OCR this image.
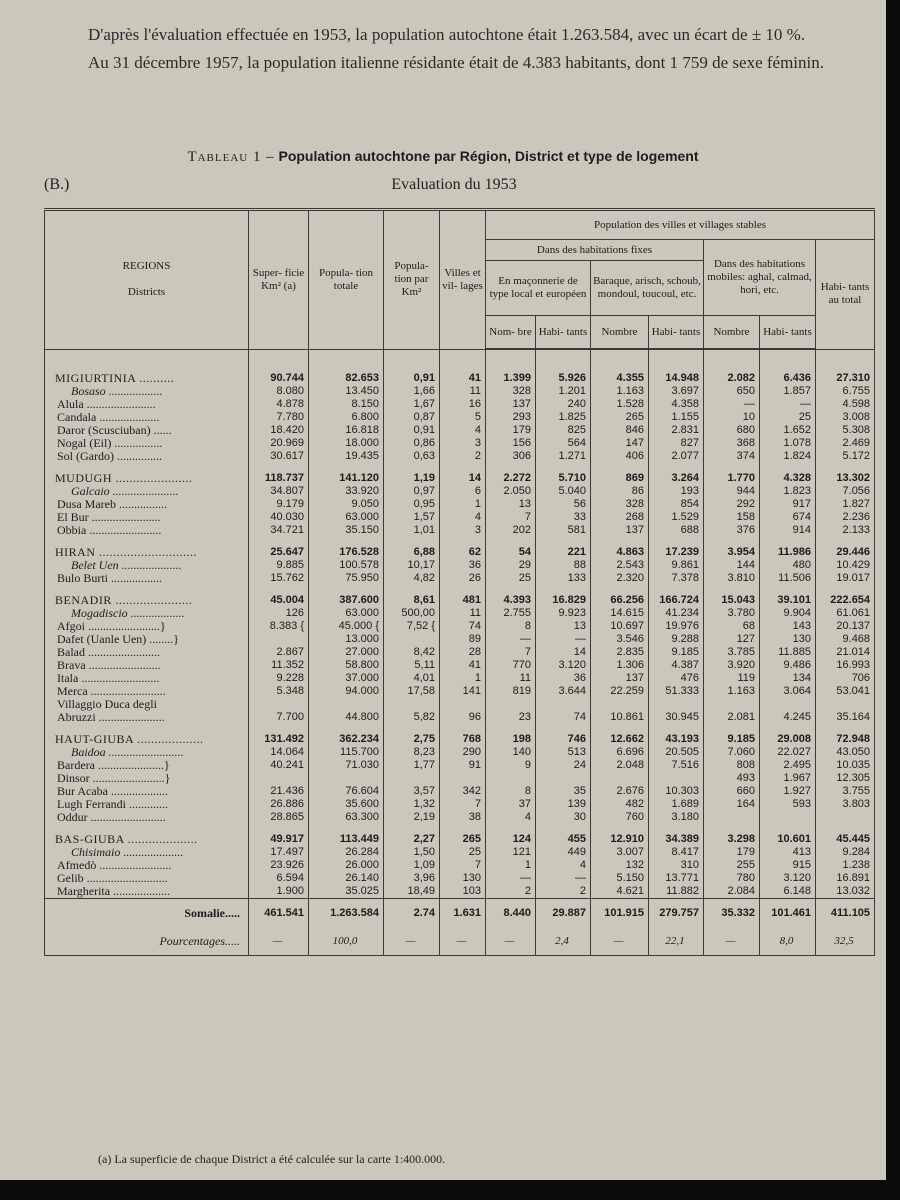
D'après l'évaluation effectuée en 1953, la population autochtone était 1.263.584, avec un écart de ± 10 %.

Au 31 décembre 1957, la population italienne résidante était de 4.383 habitants, dont 1 759 de sexe féminin.

Tableau 1 – Population autochtone par Région, District et type de logement
Evaluation du 1953
(B.)
REGIONS

Districts	Super- ficie Km² (a)	Popula- tion totale	Popula- tion par Km²	Villes et vil- lages	Population des villes et villages stables						
					Dans des habitations fixes				Dans des habitations mobiles: aghal, calmad, hori, etc.		Habi- tants au total
					En maçonnerie de type local et européen		Baraque, arisch, schoub, mondoul, toucoul, etc.				
					Nom- bre	Habi- tants	Nombre	Habi- tants	Nombre	Habi- tants	

MIGIURTINIA ..........	90.744	82.653	0,91	41	1.399	5.926	4.355	14.948	2.082	6.436	27.310
Bosaso ..................	8.080	13.450	1,66	11	328	1.201	1.163	3.697	650	1.857	6.755
Alula .......................	4.878	8.150	1,67	16	137	240	1.528	4.358	—	—	4.598
Candala ....................	7.780	6.800	0,87	5	293	1.825	265	1.155	10	25	3.008
Daror (Scusciuban) ......	18.420	16.818	0,91	4	179	825	846	2.831	680	1.652	5.308
Nogal (Eil) ................	20.969	18.000	0,86	3	156	564	147	827	368	1.078	2.469
Sol (Gardo) ...............	30.617	19.435	0,63	2	306	1.271	406	2.077	374	1.824	5.172

MUDUGH ......................	118.737	141.120	1,19	14	2.272	5.710	869	3.264	1.770	4.328	13.302
Galcaio ......................	34.807	33.920	0,97	6	2.050	5.040	86	193	944	1.823	7.056
Dusa Mareb ................	9.179	9.050	0,95	1	13	56	328	854	292	917	1.827
El Bur .......................	40.030	63.000	1,57	4	7	33	268	1.529	158	674	2.236
Obbia ........................	34.721	35.150	1,01	3	202	581	137	688	376	914	2.133

HIRAN ............................	25.647	176.528	6,88	62	54	221	4.863	17.239	3.954	11.986	29.446
Belet Uen ....................	9.885	100.578	10,17	36	29	88	2.543	9.861	144	480	10.429
Bulo Burti .................	15.762	75.950	4,82	26	25	133	2.320	7.378	3.810	11.506	19.017

BENADIR ......................	45.004	387.600	8,61	481	4.393	16.829	66.256	166.724	15.043	39.101	222.654
Mogadiscio ..................	126	63.000	500,00	11	2.755	9.923	14.615	41.234	3.780	9.904	61.061
Afgoi ........................}	8.383 {	45.000 {	7,52 {	74	8	13	10.697	19.976	68	143	20.137
Dafet (Uanle Uen) ........}		13.000		89	—	—	3.546	9.288	127	130	9.468
Balad ........................	2.867	27.000	8,42	28	7	14	2.835	9.185	3.785	11.885	21.014
Brava ........................	11.352	58.800	5,11	41	770	3.120	1.306	4.387	3.920	9.486	16.993
Itala ..........................	9.228	37.000	4,01	1	11	36	137	476	119	134	706
Merca .........................	5.348	94.000	17,58	141	819	3.644	22.259	51.333	1.163	3.064	53.041
Villaggio Duca degli											
Abruzzi ......................	7.700	44.800	5,82	96	23	74	10.861	30.945	2.081	4.245	35.164

HAUT-GIUBA ...................	131.492	362.234	2,75	768	198	746	12.662	43.193	9.185	29.008	72.948
Baidoa .........................	14.064	115.700	8,23	290	140	513	6.696	20.505	7.060	22.027	43.050
Bardera ......................}	40.241	71.030	1,77	91	9	24	2.048	7.516	808	2.495	10.035
Dinsor ........................}									493	1.967	12.305
Bur Acaba ...................	21.436	76.604	3,57	342	8	35	2.676	10.303	660	1.927	3.755
Lugh Ferrandi .............	26.886	35.600	1,32	7	37	139	482	1.689	164	593	3.803
Oddur .........................	28.865	63.300	2,19	38	4	30	760	3.180			

BAS-GIUBA ....................	49.917	113.449	2,27	265	124	455	12.910	34.389	3.298	10.601	45.445
Chisimaio ....................	17.497	26.284	1,50	25	121	449	3.007	8.417	179	413	9.284
Afmedò ........................	23.926	26.000	1,09	7	1	4	132	310	255	915	1.238
Gelib ...........................	6.594	26.140	3,96	130	—	—	5.150	13.771	780	3.120	16.891
Margherita ...................	1.900	35.025	18,49	103	2	2	4.621	11.882	2.084	6.148	13.032
Somalie.....	461.541	1.263.584	2.74	1.631	8.440	29.887	101.915	279.757	35.332	101.461	411.105
Pourcentages.....	—	100,0	—	—	—	2,4	—	22,1	—	8,0	32,5
(a) La superficie de chaque District a été calculée sur la carte 1:400.000.
